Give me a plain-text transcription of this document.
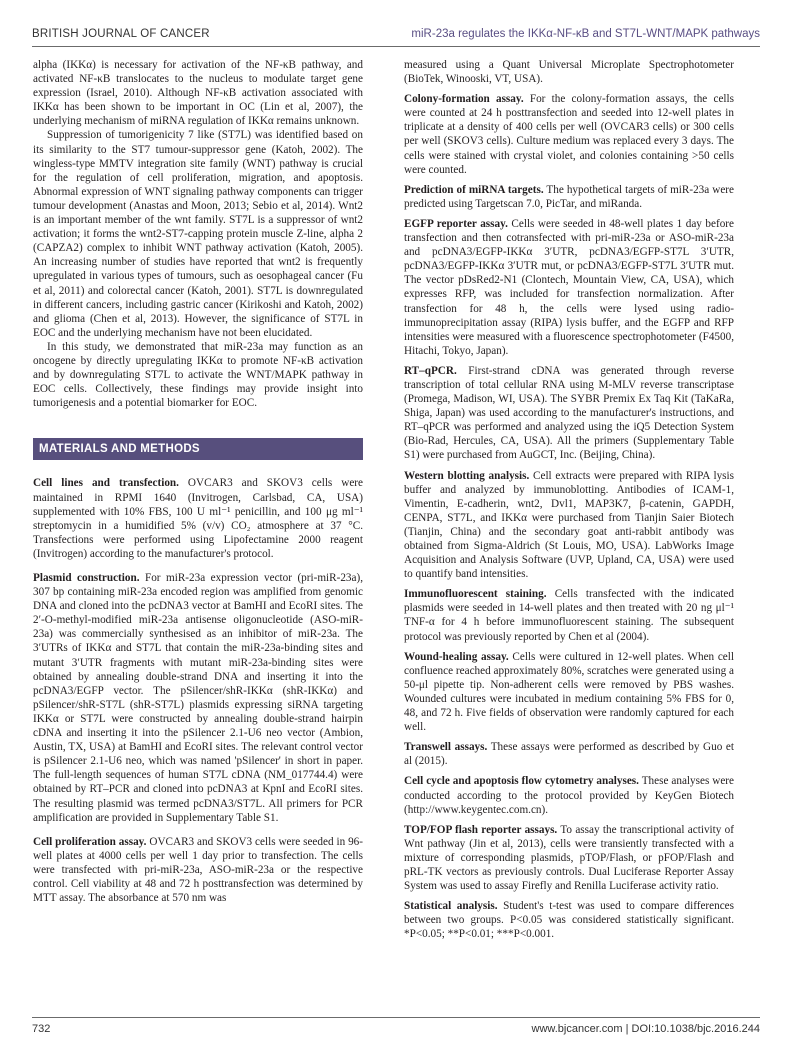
BRITISH JOURNAL OF CANCER	miR-23a regulates the IKKα-NF-κB and ST7L-WNT/MAPK pathways

alpha (IKKα) is necessary for activation of the NF-κB pathway, and activated NF-κB translocates to the nucleus to modulate target gene expression (Israel, 2010). Although NF-κB activation associated with IKKα has been shown to be important in OC (Lin et al, 2007), the underlying mechanism of miRNA regulation of IKKα remains unknown.

Suppression of tumorigenicity 7 like (ST7L) was identified based on its similarity to the ST7 tumour-suppressor gene (Katoh, 2002). The wingless-type MMTV integration site family (WNT) pathway is crucial for the regulation of cell proliferation, migration, and apoptosis. Abnormal expression of WNT signaling pathway components can trigger tumour development (Anastas and Moon, 2013; Sebio et al, 2014). Wnt2 is an important member of the wnt family. ST7L is a suppressor of wnt2 activation; it forms the wnt2-ST7-capping protein muscle Z-line, alpha 2 (CAPZA2) complex to inhibit WNT pathway activation (Katoh, 2005). An increasing number of studies have reported that wnt2 is frequently upregulated in various types of tumours, such as oesophageal cancer (Fu et al, 2011) and colorectal cancer (Katoh, 2001). ST7L is downregulated in different cancers, including gastric cancer (Kirikoshi and Katoh, 2002) and glioma (Chen et al, 2013). However, the significance of ST7L in EOC and the underlying mechanism have not been elucidated.

In this study, we demonstrated that miR-23a may function as an oncogene by directly upregulating IKKα to promote NF-κB activation and by downregulating ST7L to activate the WNT/MAPK pathway in EOC cells. Collectively, these findings may provide insight into tumorigenesis and a potential biomarker for EOC.

MATERIALS AND METHODS

Cell lines and transfection. OVCAR3 and SKOV3 cells were maintained in RPMI 1640 (Invitrogen, Carlsbad, CA, USA) supplemented with 10% FBS, 100 U ml⁻¹ penicillin, and 100 μg ml⁻¹ streptomycin in a humidified 5% (v/v) CO₂ atmosphere at 37 °C. Transfections were performed using Lipofectamine 2000 reagent (Invitrogen) according to the manufacturer's protocol.

Plasmid construction. For miR-23a expression vector (pri-miR-23a), 307 bp containing miR-23a encoded region was amplified from genomic DNA and cloned into the pcDNA3 vector at BamHI and EcoRI sites. The 2′-O-methyl-modified miR-23a antisense oligonucleotide (ASO-miR-23a) was commercially synthesised as an inhibitor of miR-23a. The 3′UTRs of IKKα and ST7L that contain the miR-23a-binding sites and mutant 3′UTR fragments with mutant miR-23a-binding sites were obtained by annealing double-strand DNA and inserting it into the pcDNA3/EGFP vector. The pSilencer/shR-IKKα (shR-IKKα) and pSilencer/shR-ST7L (shR-ST7L) plasmids expressing siRNA targeting IKKα or ST7L were constructed by annealing double-strand hairpin cDNA and inserting it into the pSilencer 2.1-U6 neo vector (Ambion, Austin, TX, USA) at BamHI and EcoRI sites. The relevant control vector is pSilencer 2.1-U6 neo, which was named 'pSilencer' in short in paper. The full-length sequences of human ST7L cDNA (NM_017744.4) were obtained by RT–PCR and cloned into pcDNA3 at KpnI and EcoRI sites. The resulting plasmid was termed pcDNA3/ST7L. All primers for PCR amplification are provided in Supplementary Table S1.

Cell proliferation assay. OVCAR3 and SKOV3 cells were seeded in 96-well plates at 4000 cells per well 1 day prior to transfection. The cells were transfected with pri-miR-23a, ASO-miR-23a or the respective control. Cell viability at 48 and 72 h posttransfection was determined by MTT assay. The absorbance at 570 nm was

measured using a Quant Universal Microplate Spectrophotometer (BioTek, Winooski, VT, USA).

Colony-formation assay. For the colony-formation assays, the cells were counted at 24 h posttransfection and seeded into 12-well plates in triplicate at a density of 400 cells per well (OVCAR3 cells) or 300 cells per well (SKOV3 cells). Culture medium was replaced every 3 days. The cells were stained with crystal violet, and colonies containing >50 cells were counted.

Prediction of miRNA targets. The hypothetical targets of miR-23a were predicted using Targetscan 7.0, PicTar, and miRanda.

EGFP reporter assay. Cells were seeded in 48-well plates 1 day before transfection and then cotransfected with pri-miR-23a or ASO-miR-23a and pcDNA3/EGFP-IKKα 3′UTR, pcDNA3/EGFP-ST7L 3′UTR, pcDNA3/EGFP-IKKα 3′UTR mut, or pcDNA3/EGFP-ST7L 3′UTR mut. The vector pDsRed2-N1 (Clontech, Mountain View, CA, USA), which expresses RFP, was included for transfection normalization. After transfection for 48 h, the cells were lysed using radio-immunoprecipitation assay (RIPA) lysis buffer, and the EGFP and RFP intensities were measured with a fluorescence spectrophotometer (F4500, Hitachi, Tokyo, Japan).

RT–qPCR. First-strand cDNA was generated through reverse transcription of total cellular RNA using M-MLV reverse transcriptase (Promega, Madison, WI, USA). The SYBR Premix Ex Taq Kit (TaKaRa, Shiga, Japan) was used according to the manufacturer's instructions, and RT–qPCR was performed and analyzed using the iQ5 Detection System (Bio-Rad, Hercules, CA, USA). All the primers (Supplementary Table S1) were purchased from AuGCT, Inc. (Beijing, China).

Western blotting analysis. Cell extracts were prepared with RIPA lysis buffer and analyzed by immunoblotting. Antibodies of ICAM-1, Vimentin, E-cadherin, wnt2, Dvl1, MAP3K7, β-catenin, GAPDH, CENPA, ST7L, and IKKα were purchased from Tianjin Saier Biotech (Tianjin, China) and the secondary goat anti-rabbit antibody was obtained from Sigma-Aldrich (St Louis, MO, USA). LabWorks Image Acquisition and Analysis Software (UVP, Upland, CA, USA) were used to quantify band intensities.

Immunofluorescent staining. Cells transfected with the indicated plasmids were seeded in 14-well plates and then treated with 20 ng μl⁻¹ TNF-α for 4 h before immunofluorescent staining. The subsequent protocol was previously reported by Chen et al (2004).

Wound-healing assay. Cells were cultured in 12-well plates. When cell confluence reached approximately 80%, scratches were generated using a 50-μl pipette tip. Non-adherent cells were removed by PBS washes. Wounded cultures were incubated in medium containing 5% FBS for 0, 48, and 72 h. Five fields of observation were randomly captured for each well.

Transwell assays. These assays were performed as described by Guo et al (2015).

Cell cycle and apoptosis flow cytometry analyses. These analyses were conducted according to the protocol provided by KeyGen Biotech (http://www.keygentec.com.cn).

TOP/FOP flash reporter assays. To assay the transcriptional activity of Wnt pathway (Jin et al, 2013), cells were transiently transfected with a mixture of corresponding plasmids, pTOP/Flash, or pFOP/Flash and pRL-TK vectors as previously controls. Dual Luciferase Reporter Assay System was used to assay Firefly and Renilla Luciferase activity ratio.

Statistical analysis. Student's t-test was used to compare differences between two groups. P<0.05 was considered statistically significant. *P<0.05; **P<0.01; ***P<0.001.

732	www.bjcancer.com | DOI:10.1038/bjc.2016.244
